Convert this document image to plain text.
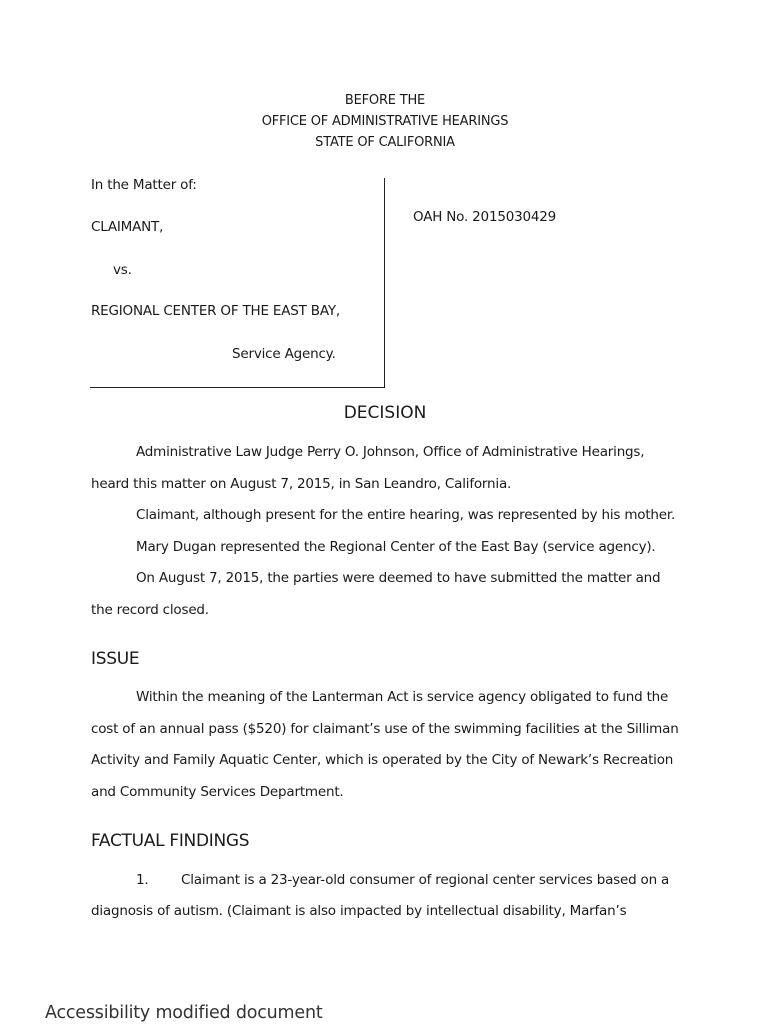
BEFORE THE
OFFICE OF ADMINISTRATIVE HEARINGS
STATE OF CALIFORNIA
In the Matter of:
CLAIMANT,
vs.
REGIONAL CENTER OF THE EAST BAY,
Service Agency.
OAH No. 2015030429
DECISION
Administrative Law Judge Perry O. Johnson, Office of Administrative Hearings,
heard this matter on August 7, 2015, in San Leandro, California.
Claimant, although present for the entire hearing, was represented by his mother.
Mary Dugan represented the Regional Center of the East Bay (service agency).
On August 7, 2015, the parties were deemed to have submitted the matter and
the record closed.
ISSUE
Within the meaning of the Lanterman Act is service agency obligated to fund the
cost of an annual pass ($520) for claimant’s use of the swimming facilities at the Silliman
Activity and Family Aquatic Center, which is operated by the City of Newark’s Recreation
and Community Services Department.
FACTUAL FINDINGS
1. Claimant is a 23-year-old consumer of regional center services based on a
diagnosis of autism. (Claimant is also impacted by intellectual disability, Marfan’s
Accessibility modified document
